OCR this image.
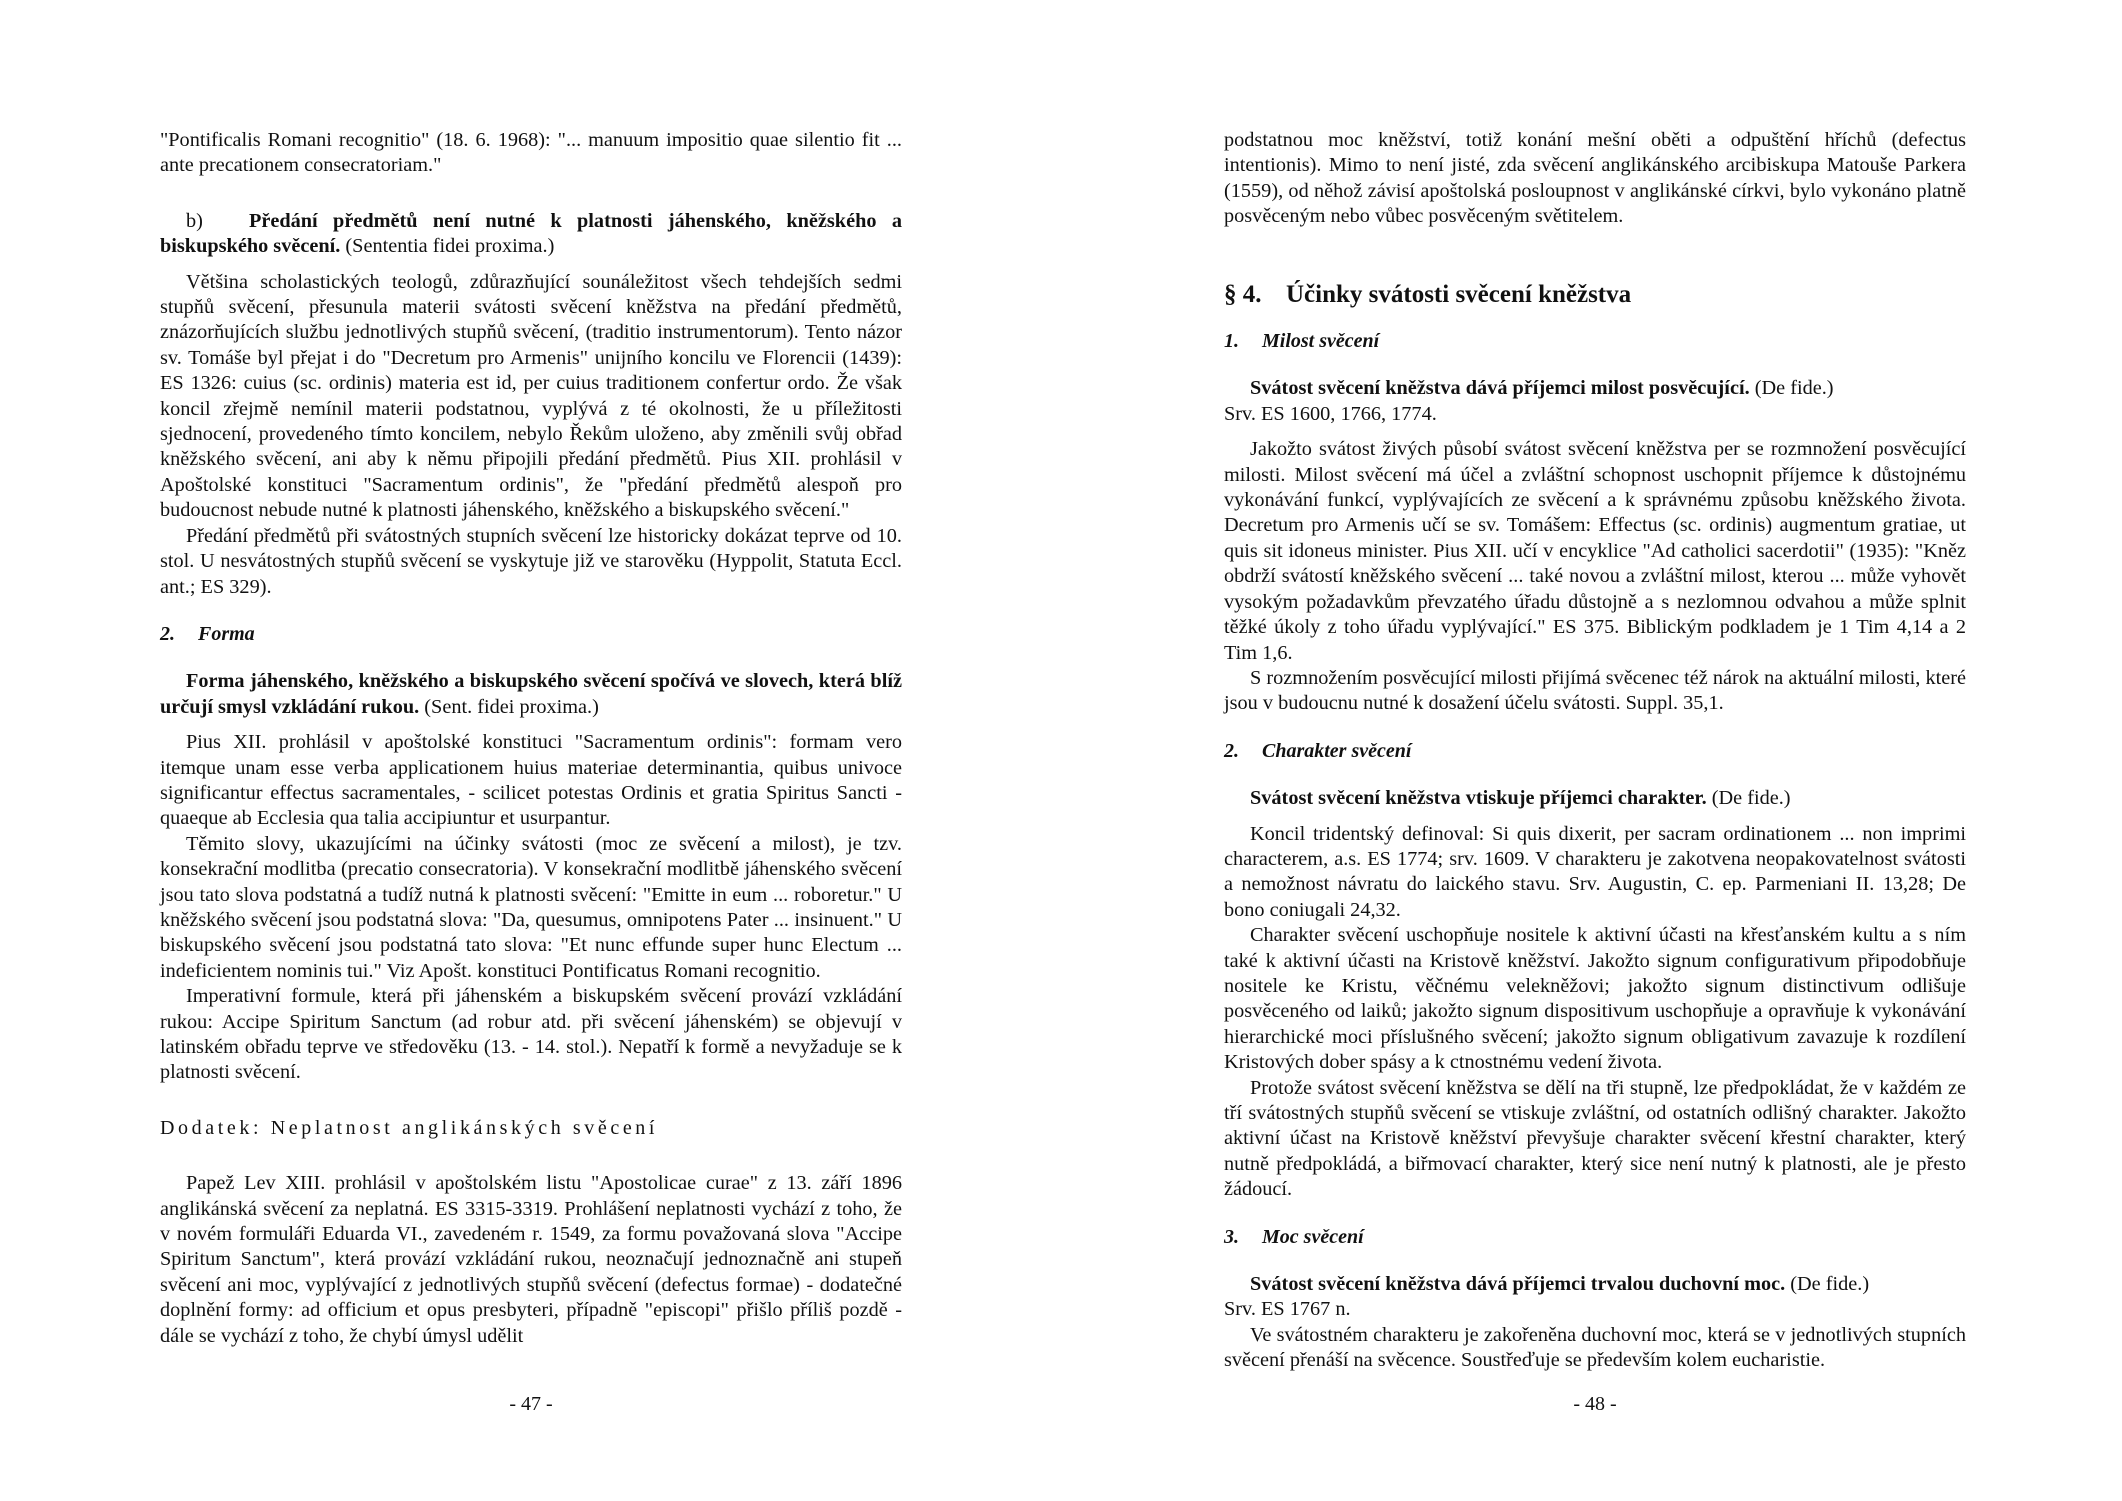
"Pontificalis Romani recognitio" (18. 6. 1968): "... manuum impositio quae silentio fit ... ante precationem consecratoriam."

b) Předání předmětů není nutné k platnosti jáhenského, kněžského a biskupského svěcení. (Sententia fidei proxima.)

Většina scholastických teologů, zdůrazňující sounáležitost všech tehdejších sedmi stupňů svěcení, přesunula materii svátosti svěcení kněžstva na předání předmětů, znázorňujících službu jednotlivých stupňů svěcení, (traditio instrumentorum). Tento názor sv. Tomáše byl přejat i do "Decretum pro Armenis" unijního koncilu ve Florencii (1439): ES 1326: cuius (sc. ordinis) materia est id, per cuius traditionem confertur ordo. Že však koncil zřejmě nemínil materii podstatnou, vyplývá z té okolnosti, že u příležitosti sjednocení, provedeného tímto koncilem, nebylo Řekům uloženo, aby změnili svůj obřad kněžského svěcení, ani aby k němu připojili předání předmětů. Pius XII. prohlásil v Apoštolské konstituci "Sacramentum ordinis", že "předání předmětů alespoň pro budoucnost nebude nutné k platnosti jáhenského, kněžského a biskupského svěcení."

Předání předmětů při svátostných stupních svěcení lze historicky dokázat teprve od 10. stol. U nesvátostných stupňů svěcení se vyskytuje již ve starověku (Hyppolit, Statuta Eccl. ant.; ES 329).

2. Forma

Forma jáhenského, kněžského a biskupského svěcení spočívá ve slovech, která blíž určují smysl vzkládání rukou. (Sent. fidei proxima.)

Pius XII. prohlásil v apoštolské konstituci "Sacramentum ordinis": formam vero itemque unam esse verba applicationem huius materiae determinantia, quibus univoce significantur effectus sacramentales, - scilicet potestas Ordinis et gratia Spiritus Sancti - quaeque ab Ecclesia qua talia accipiuntur et usurpantur.

Těmito slovy, ukazujícími na účinky svátosti (moc ze svěcení a milost), je tzv. konsekrační modlitba (precatio consecratoria). V konsekrační modlitbě jáhenského svěcení jsou tato slova podstatná a tudíž nutná k platnosti svěcení: "Emitte in eum ... roboretur." U kněžského svěcení jsou podstatná slova: "Da, quesumus, omnipotens Pater ... insinuent." U biskupského svěcení jsou podstatná tato slova: "Et nunc effunde super hunc Electum ... indeficientem nominis tui." Viz Apošt. konstituci Pontificatus Romani recognitio.

Imperativní formule, která při jáhenském a biskupském svěcení provází vzkládání rukou: Accipe Spiritum Sanctum (ad robur atd. při svěcení jáhenském) se objevují v latinském obřadu teprve ve středověku (13. - 14. stol.). Nepatří k formě a nevyžaduje se k platnosti svěcení.

Dodatek: Neplatnost anglikánských svěcení

Papež Lev XIII. prohlásil v apoštolském listu "Apostolicae curae" z 13. září 1896 anglikánská svěcení za neplatná. ES 3315-3319. Prohlášení neplatnosti vychází z toho, že v novém formuláři Eduarda VI., zavedeném r. 1549, za formu považovaná slova "Accipe Spiritum Sanctum", která provází vzkládání rukou, neoznačují jednoznačně ani stupeň svěcení ani moc, vyplývající z jednotlivých stupňů svěcení (defectus formae) - dodatečné doplnění formy: ad officium et opus presbyteri, případně "episcopi" přišlo příliš pozdě - dále se vychází z toho, že chybí úmysl udělit

- 47 -

podstatnou moc kněžství, totiž konání mešní oběti a odpuštění hříchů (defectus intentionis). Mimo to není jisté, zda svěcení anglikánského arcibiskupa Matouše Parkera (1559), od něhož závisí apoštolská posloupnost v anglikánské církvi, bylo vykonáno platně posvěceným nebo vůbec posvěceným světitelem.

§ 4. Účinky svátosti svěcení kněžstva

1. Milost svěcení

Svátost svěcení kněžstva dává příjemci milost posvěcující. (De fide.)

Srv. ES 1600, 1766, 1774.

Jakožto svátost živých působí svátost svěcení kněžstva per se rozmnožení posvěcující milosti. Milost svěcení má účel a zvláštní schopnost uschopnit příjemce k důstojnému vykonávání funkcí, vyplývajících ze svěcení a k správnému způsobu kněžského života. Decretum pro Armenis učí se sv. Tomášem: Effectus (sc. ordinis) augmentum gratiae, ut quis sit idoneus minister. Pius XII. učí v encyklice "Ad catholici sacerdotii" (1935): "Kněz obdrží svátostí kněžského svěcení ... také novou a zvláštní milost, kterou ... může vyhovět vysokým požadavkům převzatého úřadu důstojně a s nezlomnou odvahou a může splnit těžké úkoly z toho úřadu vyplývající." ES 375. Biblickým podkladem je 1 Tim 4,14 a 2 Tim 1,6.

S rozmnožením posvěcující milosti přijímá svěcenec též nárok na aktuální milosti, které jsou v budoucnu nutné k dosažení účelu svátosti. Suppl. 35,1.

2. Charakter svěcení

Svátost svěcení kněžstva vtiskuje příjemci charakter. (De fide.)

Koncil tridentský definoval: Si quis dixerit, per sacram ordinationem ... non imprimi characterem, a.s. ES 1774; srv. 1609. V charakteru je zakotvena neopakovatelnost svátosti a nemožnost návratu do laického stavu. Srv. Augustin, C. ep. Parmeniani II. 13,28; De bono coniugali 24,32.

Charakter svěcení uschopňuje nositele k aktivní účasti na křesťanském kultu a s ním také k aktivní účasti na Kristově kněžství. Jakožto signum configurativum připodobňuje nositele ke Kristu, věčnému velekněžovi; jakožto signum distinctivum odlišuje posvěceného od laiků; jakožto signum dispositivum uschopňuje a opravňuje k vykonávání hierarchické moci příslušného svěcení; jakožto signum obligativum zavazuje k rozdílení Kristových dober spásy a k ctnostnému vedení života.

Protože svátost svěcení kněžstva se dělí na tři stupně, lze předpokládat, že v každém ze tří svátostných stupňů svěcení se vtiskuje zvláštní, od ostatních odlišný charakter. Jakožto aktivní účast na Kristově kněžství převyšuje charakter svěcení křestní charakter, který nutně předpokládá, a biřmovací charakter, který sice není nutný k platnosti, ale je přesto žádoucí.

3. Moc svěcení

Svátost svěcení kněžstva dává příjemci trvalou duchovní moc. (De fide.)

Srv. ES 1767 n.

Ve svátostném charakteru je zakořeněna duchovní moc, která se v jednotlivých stupních svěcení přenáší na svěcence. Soustřeďuje se především kolem eucharistie.

- 48 -
